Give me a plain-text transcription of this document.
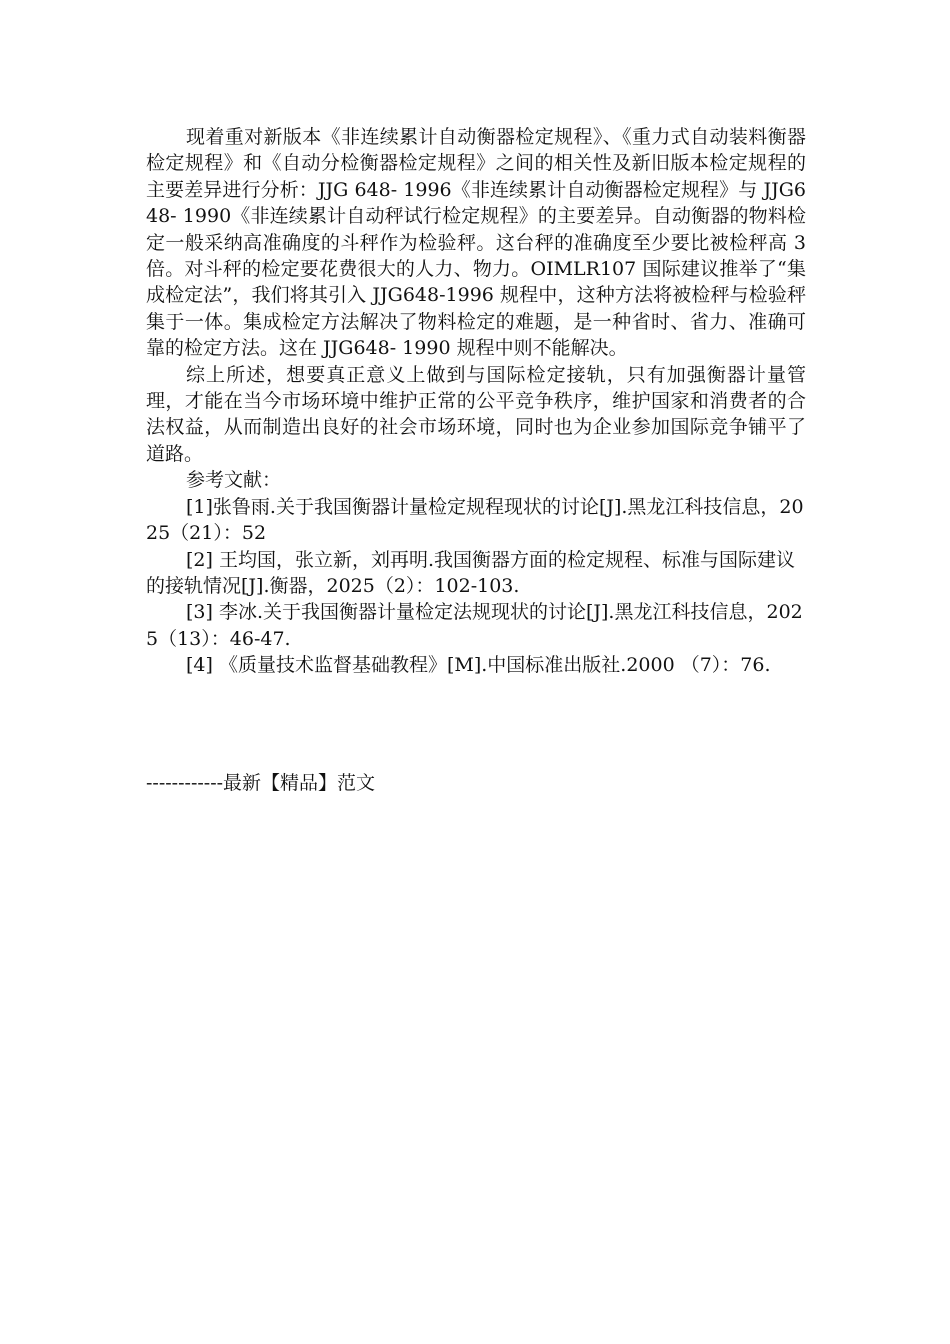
现着重对新版本《非连续累计自动衡器检定规程》、《重力式自动装料衡器检定规程》和《自动分检衡器检定规程》之间的相关性及新旧版本检定规程的主要差异进行分析：JJG 648- 1996《非连续累计自动衡器检定规程》与 JJG648- 1990《非连续累计自动秤试行检定规程》的主要差异。自动衡器的物料检定一般采纳高准确度的斗秤作为检验秤。这台秤的准确度至少要比被检秤高 3 倍。对斗秤的检定要花费很大的人力、物力。OIMLR107 国际建议推举了“集成检定法”，我们将其引入 JJG648-1996 规程中，这种方法将被检秤与检验秤集于一体。集成检定方法解决了物料检定的难题，是一种省时、省力、准确可靠的检定方法。这在 JJG648- 1990 规程中则不能解决。

综上所述，想要真正意义上做到与国际检定接轨，只有加强衡器计量管理，才能在当今市场环境中维护正常的公平竞争秩序，维护国家和消费者的合法权益，从而制造出良好的社会市场环境，同时也为企业参加国际竞争铺平了道路。

参考文献：

[1]张鲁雨.关于我国衡器计量检定规程现状的讨论[J].黑龙江科技信息，2025（21）：52

[2] 王均国，张立新，刘再明.我国衡器方面的检定规程、标准与国际建议的接轨情况[J].衡器，2025（2）：102-103.

[3] 李冰.关于我国衡器计量检定法规现状的讨论[J].黑龙江科技信息，2025（13）：46-47.

[4] 《质量技术监督基础教程》[M].中国标准出版社.2000 （7）：76.

------------最新【精品】范文
